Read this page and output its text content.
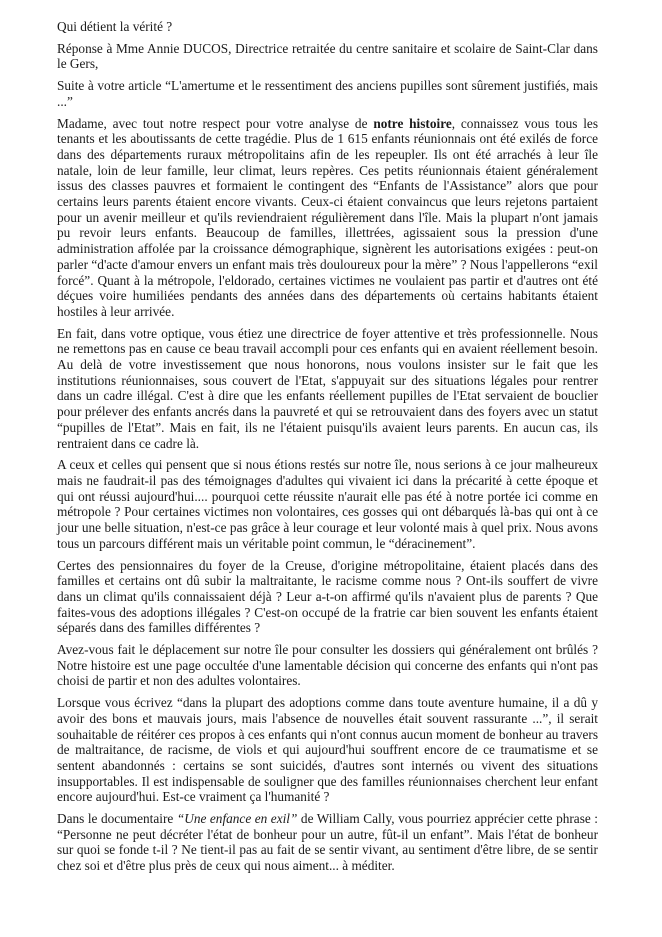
Qui détient la vérité ?

Réponse à Mme Annie DUCOS, Directrice retraitée du centre sanitaire et scolaire de Saint-Clar dans le Gers,

Suite à votre article “L'amertume et le ressentiment des anciens pupilles sont sûrement justifiés, mais ...”

Madame, avec tout notre respect pour votre analyse de notre histoire, connaissez vous tous les tenants et les aboutissants de cette tragédie. Plus de 1 615 enfants réunionnais ont été exilés de force dans des départements ruraux métropolitains afin de les repeupler. Ils ont été arrachés à leur île natale, loin de leur famille, leur climat, leurs repères. Ces petits réunionnais étaient généralement issus des classes pauvres et formaient le contingent des “Enfants de l'Assistance” alors que pour certains leurs parents étaient encore vivants. Ceux-ci étaient convaincus que leurs rejetons partaient pour un avenir meilleur et qu'ils reviendraient régulièrement dans l'île. Mais la plupart n'ont jamais pu revoir leurs enfants. Beaucoup de familles, illettrées, agissaient sous la pression d'une administration affolée par la croissance démographique, signèrent les autorisations exigées : peut-on parler “d'acte d'amour envers un enfant mais très douloureux pour la mère” ? Nous l'appellerons “exil forcé”. Quant à la métropole, l'eldorado, certaines victimes ne voulaient pas partir et d'autres ont été déçues voire humiliées pendants des années dans des départements où certains habitants étaient hostiles à leur arrivée.

En fait, dans votre optique, vous étiez une directrice de foyer attentive et très professionnelle. Nous ne remettons pas en cause ce beau travail accompli pour ces enfants qui en avaient réellement besoin. Au delà de votre investissement que nous honorons, nous voulons insister sur le fait que les institutions réunionnaises, sous couvert de l'Etat, s'appuyait sur des situations légales pour rentrer dans un cadre illégal. C'est à dire que les enfants réellement pupilles de l'Etat servaient de bouclier pour prélever des enfants ancrés dans la pauvreté et qui se retrouvaient dans des foyers avec un statut “pupilles de l'Etat”. Mais en fait, ils ne l'étaient puisqu'ils avaient leurs parents. En aucun cas, ils rentraient dans ce cadre là.

A ceux et celles qui pensent que si nous étions restés sur notre île, nous serions à ce jour malheureux mais ne faudrait-il pas des témoignages d'adultes qui vivaient ici dans la précarité à cette époque et qui ont réussi aujourd'hui.... pourquoi cette réussite n'aurait elle pas été à notre portée ici comme en métropole ? Pour certaines victimes non volontaires, ces gosses qui ont débarqués là-bas qui ont à ce jour une belle situation, n'est-ce pas grâce à leur courage et leur volonté mais à quel prix. Nous avons tous un parcours différent mais un véritable point commun, le “déracinement”.

Certes des pensionnaires du foyer de la Creuse, d'origine métropolitaine, étaient placés dans des familles et certains ont dû subir la maltraitante, le racisme comme nous ? Ont-ils souffert de vivre dans un climat qu'ils connaissaient déjà ? Leur a-t-on affirmé qu'ils n'avaient plus de parents ? Que faites-vous des adoptions illégales ? C'est-on occupé de la fratrie car bien souvent les enfants étaient séparés dans des familles différentes ?

Avez-vous fait le déplacement sur notre île pour consulter les dossiers qui généralement ont brûlés ? Notre histoire est une page occultée d'une lamentable décision qui concerne des enfants qui n'ont pas choisi de partir et non des adultes volontaires.

Lorsque vous écrivez “dans la plupart des adoptions comme dans toute aventure humaine, il a dû y avoir des bons et mauvais jours, mais l'absence de nouvelles était souvent rassurante ...”, il serait souhaitable de réitérer ces propos à ces enfants qui n'ont connus aucun moment de bonheur au travers de maltraitance, de racisme, de viols et qui aujourd'hui souffrent encore de ce traumatisme et se sentent abandonnés : certains se sont suicidés, d'autres sont internés ou vivent des situations insupportables. Il est indispensable de souligner que des familles réunionnaises cherchent leur enfant encore aujourd'hui. Est-ce vraiment ça l'humanité ?

Dans le documentaire “Une enfance en exil” de William Cally, vous pourriez apprécier cette phrase : “Personne ne peut décréter l'état de bonheur pour un autre, fût-il un enfant”. Mais l'état de bonheur sur quoi se fonde t-il ? Ne tient-il pas au fait de se sentir vivant, au sentiment d'être libre, de se sentir chez soi et d'être plus près de ceux qui nous aiment... à méditer.
